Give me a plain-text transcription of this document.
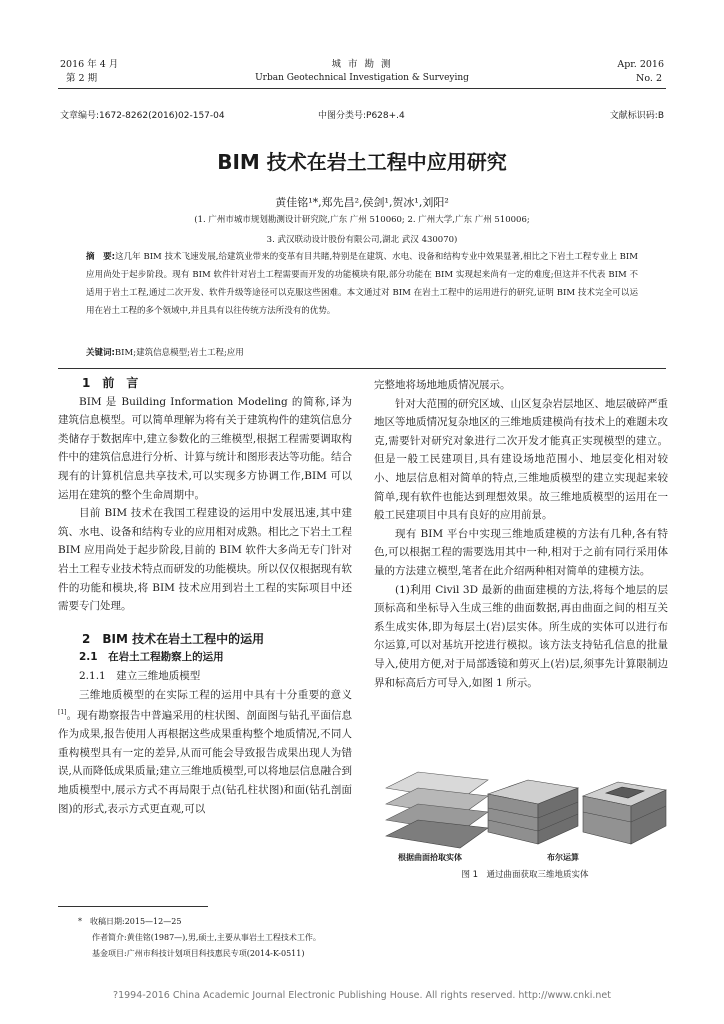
2016 年 4 月
第 2 期
城 市 勘 测
Urban Geotechnical Investigation & Surveying
Apr. 2016
No. 2
文章编号:1672-8262(2016)02-157-04	中图分类号:P628+.4	文献标识码:B
BIM 技术在岩土工程中应用研究
黄佳铭¹*,郑先昌²,侯剑¹,贺冰¹,刘阳²
(1. 广州市城市规划勘测设计研究院,广东 广州 510060; 2. 广州大学,广东 广州 510006;
3. 武汉联动设计股份有限公司,湖北 武汉 430070)
摘　要:这几年 BIM 技术飞速发展,给建筑业带来的变革有目共睹,特别是在建筑、水电、设备和结构专业中效果显著,相比之下岩土工程专业上 BIM 应用尚处于起步阶段。现有 BIM 软件针对岩土工程需要而开发的功能模块有限,部分功能在 BIM 实现起来尚有一定的难度;但这并不代表 BIM 不适用于岩土工程,通过二次开发、软件升级等途径可以克服这些困难。本文通过对 BIM 在岩土工程中的运用进行的研究,证明 BIM 技术完全可以运用在岩土工程的多个领域中,并且具有以往传统方法所没有的优势。
关键词:BIM;建筑信息模型;岩土工程;应用

1　前　言

BIM 是 Building Information Modeling 的简称,译为建筑信息模型。可以简单理解为将有关于建筑构件的建筑信息分类储存于数据库中,建立参数化的三维模型,根据工程需要调取构件中的建筑信息进行分析、计算与统计和图形表达等功能。结合现有的计算机信息共享技术,可以实现多方协调工作,BIM 可以运用在建筑的整个生命周期中。

目前 BIM 技术在我国工程建设的运用中发展迅速,其中建筑、水电、设备和结构专业的应用相对成熟。相比之下岩土工程 BIM 应用尚处于起步阶段,目前的 BIM 软件大多尚无专门针对岩土工程专业技术特点而研发的功能模块。所以仅仅根据现有软件的功能和模块,将 BIM 技术应用到岩土工程的实际项目中还需要专门处理。

2　BIM 技术在岩土工程中的运用

2.1　在岩土工程勘察上的运用

2.1.1　建立三维地质模型

三维地质模型的在实际工程的运用中具有十分重要的意义[1]。现有勘察报告中普遍采用的柱状图、剖面图与钻孔平面信息作为成果,报告使用人再根据这些成果重构整个地质情况,不同人重构模型具有一定的差异,从而可能会导致报告成果出现人为错误,从而降低成果质量;建立三维地质模型,可以将地层信息融合到地质模型中,展示方式不再局限于点(钻孔柱状图)和面(钻孔剖面图)的形式,表示方式更直观,可以

完整地将场地地质情况展示。

针对大范围的研究区域、山区复杂岩层地区、地层破碎严重地区等地质情况复杂地区的三维地质建模尚有技术上的难题未攻克,需要针对研究对象进行二次开发才能真正实现模型的建立。但是一般工民建项目,具有建设场地范围小、地层变化相对较小、地层信息相对简单的特点,三维地质模型的建立实现起来较简单,现有软件也能达到理想效果。故三维地质模型的运用在一般工民建项目中具有良好的应用前景。

现有 BIM 平台中实现三维地质建模的方法有几种,各有特色,可以根据工程的需要选用其中一种,相对于之前有同行采用体量的方法建立模型,笔者在此介绍两种相对简单的建模方法。

(1)利用 Civil 3D 最新的曲面建模的方法,将每个地层的层顶标高和坐标导入生成三维的曲面数据,再由曲面之间的相互关系生成实体,即为每层土(岩)层实体。所生成的实体可以进行布尔运算,可以对基坑开挖进行模拟。该方法支持钻孔信息的批量导入,使用方便,对于局部透镜和剪灭上(岩)层,须事先计算限制边界和标高后方可导入,如图 1 所示。

根据曲面拾取实体	布尔运算
图 1　通过曲面获取三维地质实体
*　收稿日期:2015—12—25
作者简介:黄佳铭(1987—),男,硕士,主要从事岩土工程技术工作。
基金项目:广州市科技计划项目科技惠民专项(2014-K-0511)
?1994-2016 China Academic Journal Electronic Publishing House. All rights reserved. http://www.cnki.net
